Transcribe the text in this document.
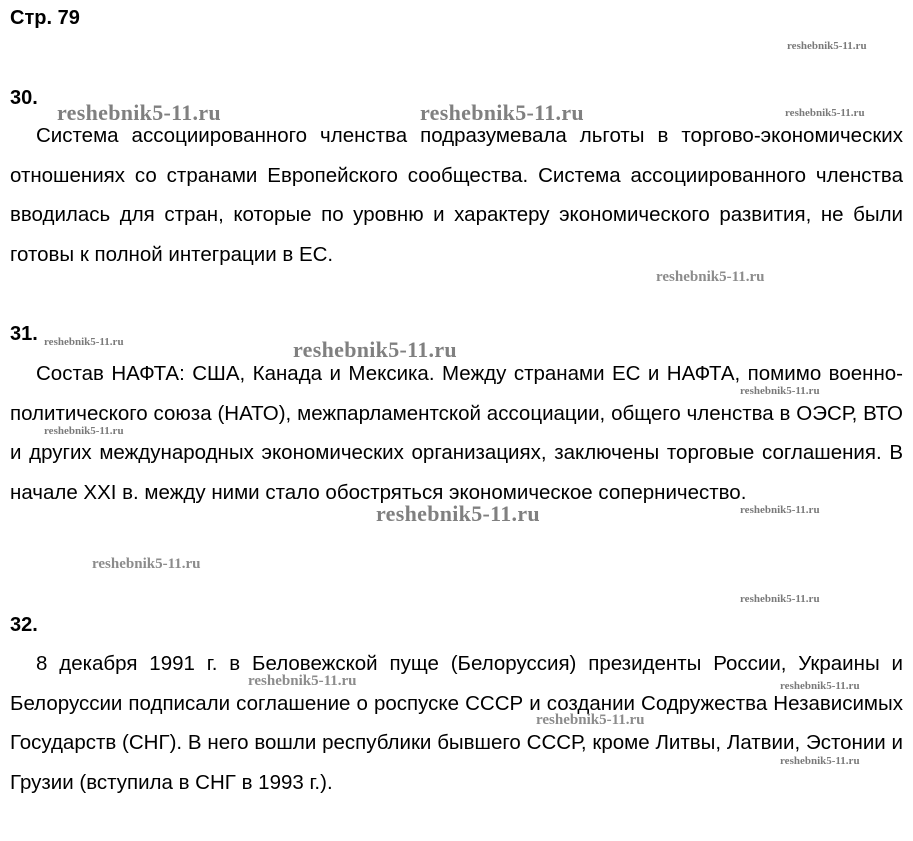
Стр. 79
30.

Система ассоциированного членства подразумевала льготы в торгово-экономических отношениях со странами Европейского сообщества. Система ассоциированного членства вводилась для стран, которые по уровню и характеру экономического развития, не были готовы к полной интеграции в ЕС.

31.

Состав НАФТА: США, Канада и Мексика. Между странами ЕС и НАФТА, помимо военно-политического союза (НАТО), межпарламентской ассоциации, общего членства в ОЭСР, ВТО и других международных экономических организациях, заключены торговые соглашения. В начале XXI в. между ними стало обостряться экономическое соперничество.

32.

8 декабря 1991 г. в Беловежской пуще (Белоруссия) президенты России, Украины и Белоруссии подписали соглашение о роспуске СССР и создании Содружества Независимых Государств (СНГ). В него вошли республики бывшего СССР, кроме Литвы, Латвии, Эстонии и Грузии (вступила в СНГ в 1993 г.).

reshebnik5-11.ru
reshebnik5-11.ru	reshebnik5-11.ru	reshebnik5-11.ru
reshebnik5-11.ru
reshebnik5-11.ru	reshebnik5-11.ru
reshebnik5-11.ru
reshebnik5-11.ru
reshebnik5-11.ru
reshebnik5-11.ru
reshebnik5-11.ru
reshebnik5-11.ru
reshebnik5-11.ru	reshebnik5-11.ru
reshebnik5-11.ru
reshebnik5-11.ru
